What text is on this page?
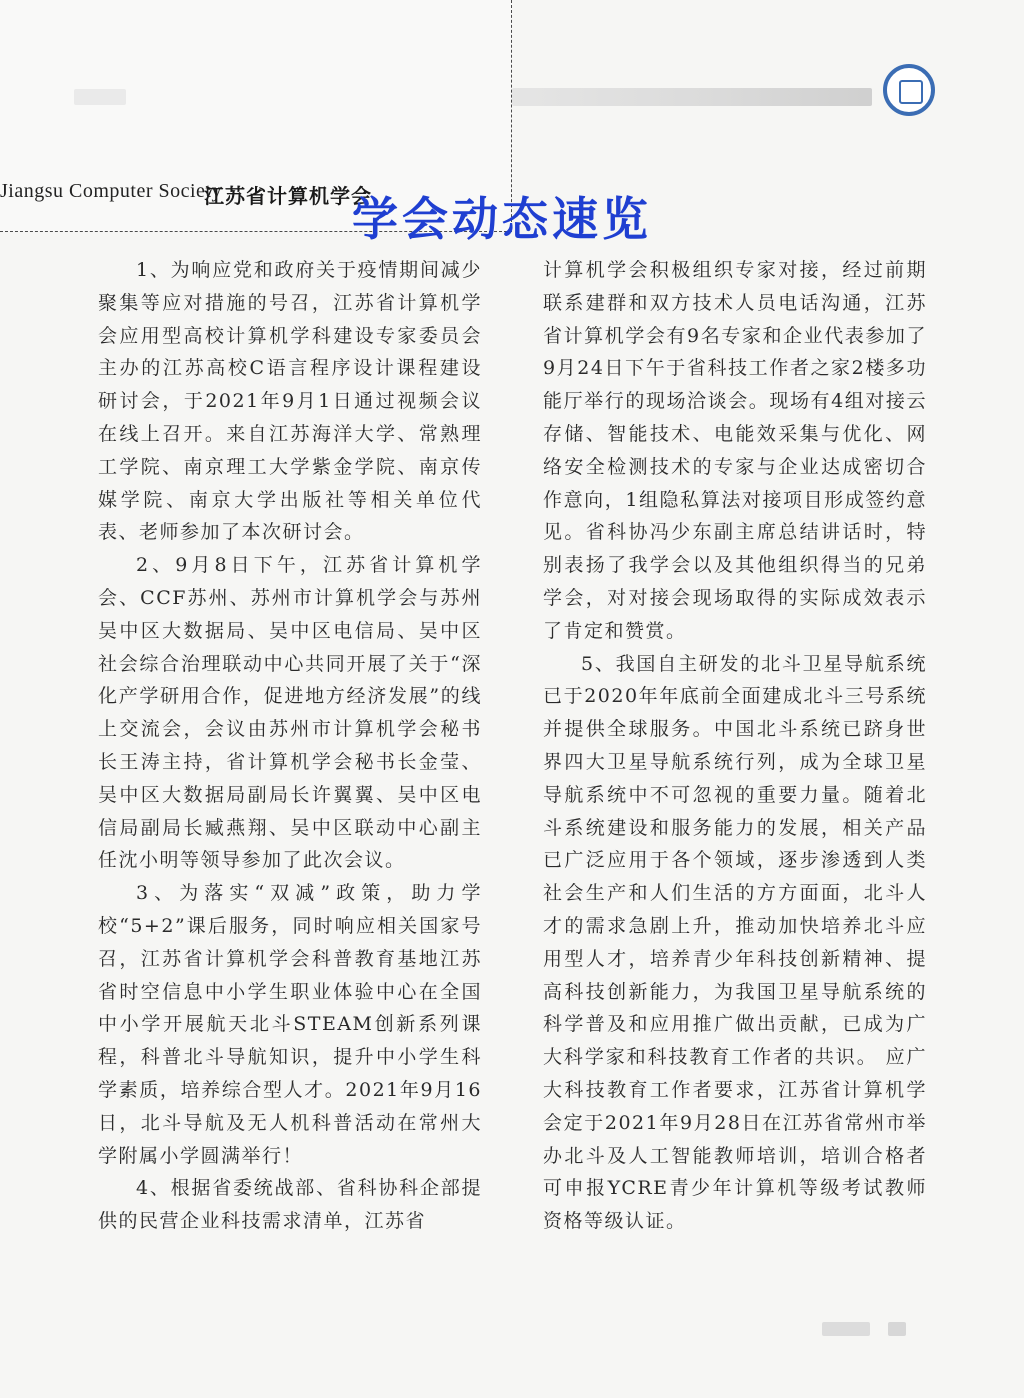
Jiangsu Computer Society
江苏省计算机学会
学会动态速览

1、为响应党和政府关于疫情期间减少聚集等应对措施的号召，江苏省计算机学会应用型高校计算机学科建设专家委员会主办的江苏高校C语言程序设计课程建设研讨会，于2021年9月1日通过视频会议在线上召开。来自江苏海洋大学、常熟理工学院、南京理工大学紫金学院、南京传媒学院、南京大学出版社等相关单位代表、老师参加了本次研讨会。

2、9月8日下午，江苏省计算机学会、CCF苏州、苏州市计算机学会与苏州吴中区大数据局、吴中区电信局、吴中区社会综合治理联动中心共同开展了关于“深化产学研用合作，促进地方经济发展”的线上交流会，会议由苏州市计算机学会秘书长王涛主持，省计算机学会秘书长金莹、吴中区大数据局副局长许翼翼、吴中区电信局副局长臧燕翔、吴中区联动中心副主任沈小明等领导参加了此次会议。

3、为落实“双减”政策，助力学校“5+2”课后服务，同时响应相关国家号召，江苏省计算机学会科普教育基地江苏省时空信息中小学生职业体验中心在全国中小学开展航天北斗STEAM创新系列课程，科普北斗导航知识，提升中小学生科学素质，培养综合型人才。2021年9月16日，北斗导航及无人机科普活动在常州大学附属小学圆满举行！

4、根据省委统战部、省科协科企部提供的民营企业科技需求清单，江苏省

计算机学会积极组织专家对接，经过前期联系建群和双方技术人员电话沟通，江苏省计算机学会有9名专家和企业代表参加了9月24日下午于省科技工作者之家2楼多功能厅举行的现场洽谈会。现场有4组对接云存储、智能技术、电能效采集与优化、网络安全检测技术的专家与企业达成密切合作意向，1组隐私算法对接项目形成签约意见。省科协冯少东副主席总结讲话时，特别表扬了我学会以及其他组织得当的兄弟学会，对对接会现场取得的实际成效表示了肯定和赞赏。

5、我国自主研发的北斗卫星导航系统已于2020年年底前全面建成北斗三号系统并提供全球服务。中国北斗系统已跻身世界四大卫星导航系统行列，成为全球卫星导航系统中不可忽视的重要力量。随着北斗系统建设和服务能力的发展，相关产品已广泛应用于各个领域，逐步渗透到人类社会生产和人们生活的方方面面，北斗人才的需求急剧上升，推动加快培养北斗应用型人才，培养青少年科技创新精神、提高科技创新能力，为我国卫星导航系统的科学普及和应用推广做出贡献，已成为广大科学家和科技教育工作者的共识。 应广大科技教育工作者要求，江苏省计算机学会定于2021年9月28日在江苏省常州市举办北斗及人工智能教师培训，培训合格者可申报YCRE青少年计算机等级考试教师资格等级认证。
